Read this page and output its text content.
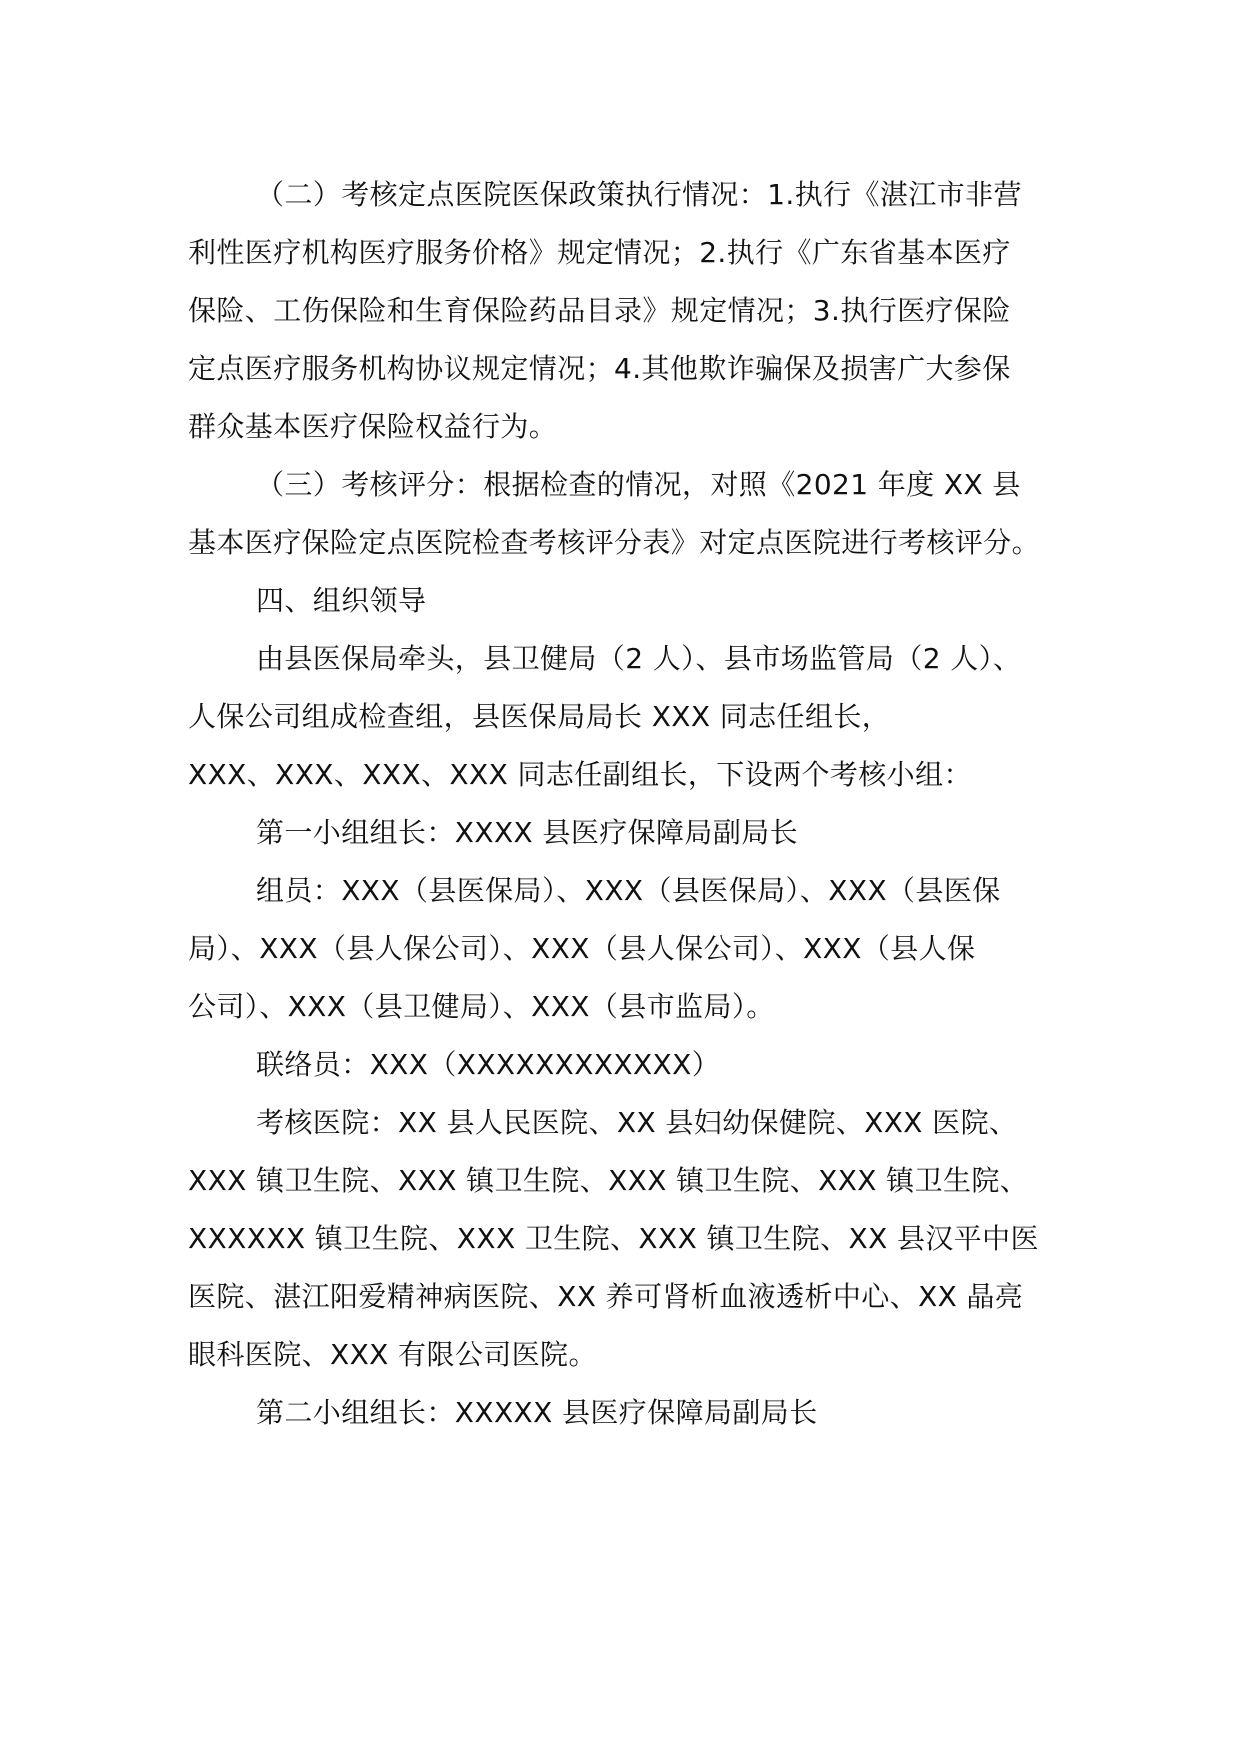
（二）考核定点医院医保政策执行情况：1.执行《湛江市非营
利性医疗机构医疗服务价格》规定情况；2.执行《广东省基本医疗
保险、工伤保险和生育保险药品目录》规定情况；3.执行医疗保险
定点医疗服务机构协议规定情况；4.其他欺诈骗保及损害广大参保
群众基本医疗保险权益行为。
（三）考核评分：根据检查的情况，对照《2021 年度 XX 县
基本医疗保险定点医院检查考核评分表》对定点医院进行考核评分。
四、组织领导
由县医保局牵头，县卫健局（2 人）、县市场监管局（2 人）、
人保公司组成检查组，县医保局局长 XXX 同志任组长，
XXX、XXX、XXX、XXX 同志任副组长，下设两个考核小组：
第一小组组长：XXXX 县医疗保障局副局长
组员：XXX（县医保局）、XXX（县医保局）、XXX（县医保
局）、XXX（县人保公司）、XXX（县人保公司）、XXX（县人保
公司）、XXX（县卫健局）、XXX（县市监局）。
联络员：XXX（XXXXXXXXXXXX）
考核医院：XX 县人民医院、XX 县妇幼保健院、XXX 医院、
XXX 镇卫生院、XXX 镇卫生院、XXX 镇卫生院、XXX 镇卫生院、
XXXXXX 镇卫生院、XXX 卫生院、XXX 镇卫生院、XX 县汉平中医
医院、湛江阳爱精神病医院、XX 养可肾析血液透析中心、XX 晶亮
眼科医院、XXX 有限公司医院。
第二小组组长：XXXXX 县医疗保障局副局长
